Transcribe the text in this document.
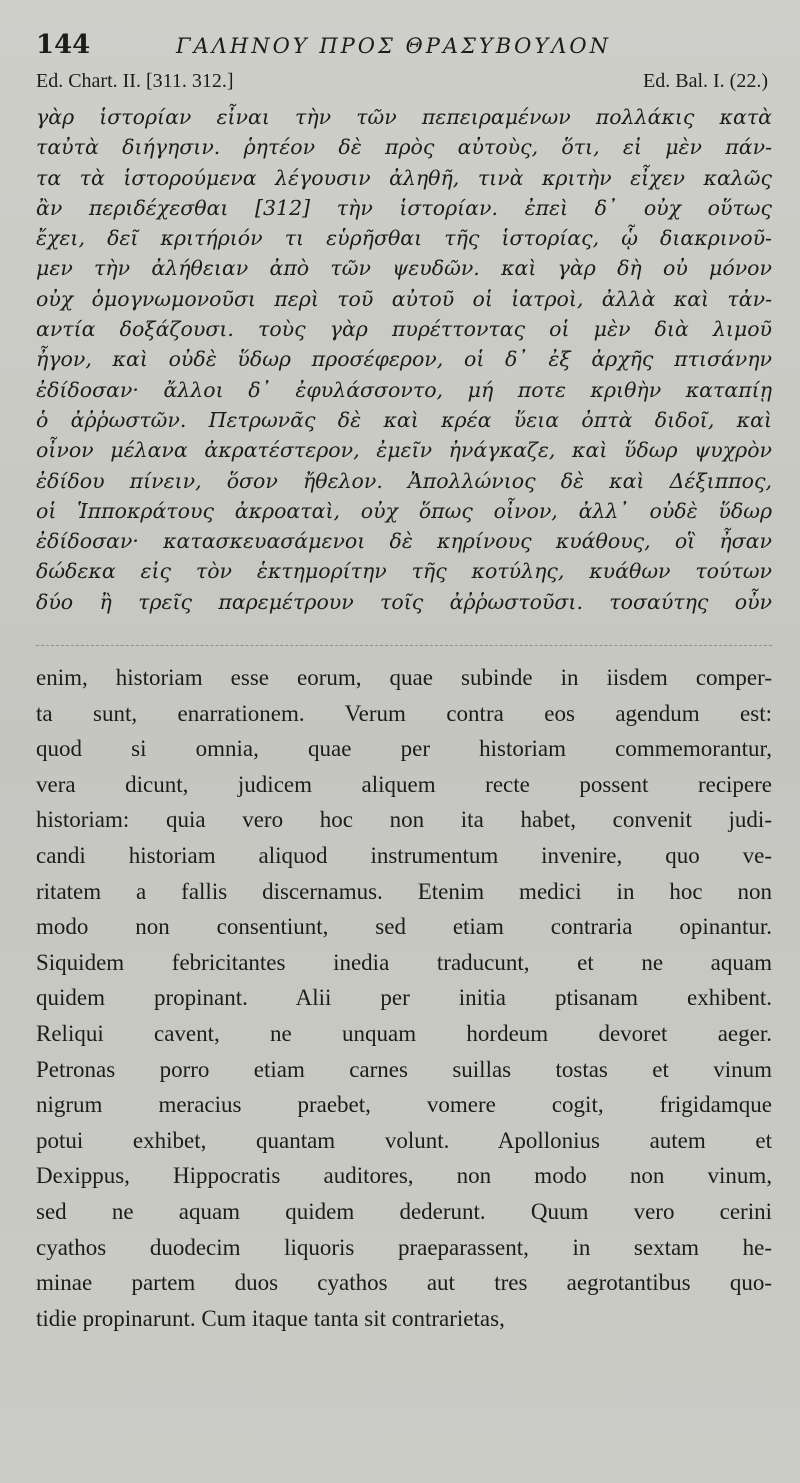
144	ΓΑΛΗΝΟΥ ΠΡΟΣ ΘΡΑΣΥΒΟΥΛΟΝ
Ed. Chart. II. [311. 312.]	Ed. Bal. I. (22.)
γὰρ ἱστορίαν εἶναι τὴν τῶν πεπειραμένων πολλάκις κατὰ
ταὐτὰ διήγησιν. ῥητέον δὲ πρὸς αὐτοὺς, ὅτι, εἰ μὲν πάν-
τα τὰ ἱστορούμενα λέγουσιν ἀληθῆ, τινὰ κριτὴν εἶχεν καλῶς
ἂν περιδέχεσθαι [312] τὴν ἱστορίαν. ἐπεὶ δ᾽ οὐχ οὕτως
ἔχει, δεῖ κριτήριόν τι εὑρῆσθαι τῆς ἱστορίας, ᾧ διακρινοῦ-
μεν τὴν ἀλήθειαν ἀπὸ τῶν ψευδῶν. καὶ γὰρ δὴ οὐ μόνον
οὐχ ὁμογνωμονοῦσι περὶ τοῦ αὐτοῦ οἱ ἰατροὶ, ἀλλὰ καὶ τἀν-
αντία δοξάζουσι. τοὺς γὰρ πυρέττοντας οἱ μὲν διὰ λιμοῦ
ἦγον, καὶ οὐδὲ ὕδωρ προσέφερον, οἱ δ᾽ ἐξ ἀρχῆς πτισάνην
ἐδίδοσαν· ἄλλοι δ᾽ ἐφυλάσσοντο, μή ποτε κριθὴν καταπίῃ
ὁ ἀῤῥωστῶν. Πετρωνᾶς δὲ καὶ κρέα ὕεια ὀπτὰ διδοῖ, καὶ
οἶνον μέλανα ἀκρατέστερον, ἐμεῖν ἠνάγκαζε, καὶ ὕδωρ ψυχρὸν
ἐδίδου πίνειν, ὅσον ἤθελον. Ἀπολλώνιος δὲ καὶ Δέξιππος,
οἱ Ἱπποκράτους ἀκροαταὶ, οὐχ ὅπως οἶνον, ἀλλ᾽ οὐδὲ ὕδωρ
ἐδίδοσαν· κατασκευασάμενοι δὲ κηρίνους κυάθους, οἳ ἦσαν
δώδεκα εἰς τὸν ἑκτημορίτην τῆς κοτύλης, κυάθων τούτων
δύο ἢ τρεῖς παρεμέτρουν τοῖς ἀῤῥωστοῦσι. τοσαύτης οὖν
enim, historiam esse eorum, quae subinde in iisdem comper-
ta sunt, enarrationem. Verum contra eos agendum est:
quod si omnia, quae per historiam commemorantur,
vera dicunt, judicem aliquem recte possent recipere
historiam: quia vero hoc non ita habet, convenit judi-
candi historiam aliquod instrumentum invenire, quo ve-
ritatem a fallis discernamus. Etenim medici in hoc non
modo non consentiunt, sed etiam contraria opinantur.
Siquidem febricitantes inedia traducunt, et ne aquam
quidem propinant. Alii per initia ptisanam exhibent.
Reliqui cavent, ne unquam hordeum devoret aeger.
Petronas porro etiam carnes suillas tostas et vinum
nigrum meracius praebet, vomere cogit, frigidamque
potui exhibet, quantam volunt. Apollonius autem et
Dexippus, Hippocratis auditores, non modo non vinum,
sed ne aquam quidem dederunt. Quum vero cerini
cyathos duodecim liquoris praeparassent, in sextam he-
minae partem duos cyathos aut tres aegrotantibus quo-
tidie propinarunt. Cum itaque tanta sit contrarietas,
